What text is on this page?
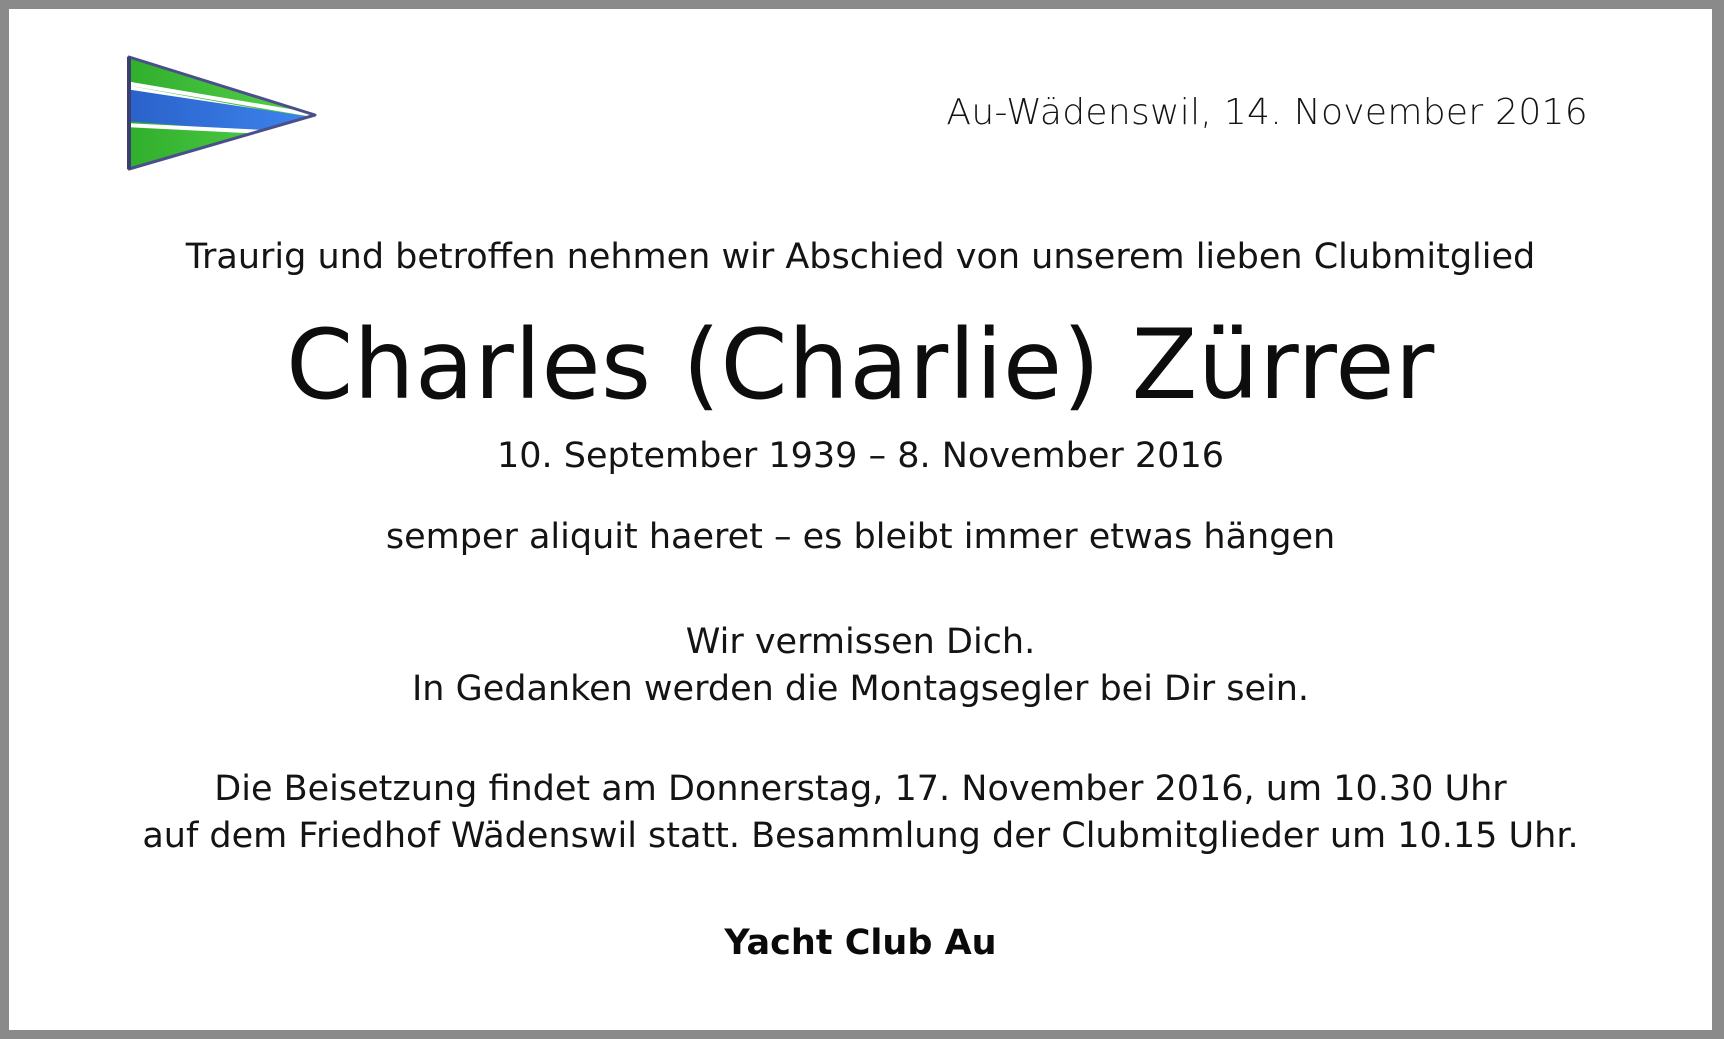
Au-Wädenswil, 14. November 2016
Traurig und betroffen nehmen wir Abschied von unserem lieben Clubmitglied
Charles (Charlie) Zürrer
10. September 1939 – 8. November 2016
semper aliquit haeret – es bleibt immer etwas hängen
Wir vermissen Dich.
In Gedanken werden die Montagsegler bei Dir sein.
Die Beisetzung findet am Donnerstag, 17. November 2016, um 10.30 Uhr
auf dem Friedhof Wädenswil statt. Besammlung der Clubmitglieder um 10.15 Uhr.
Yacht Club Au
